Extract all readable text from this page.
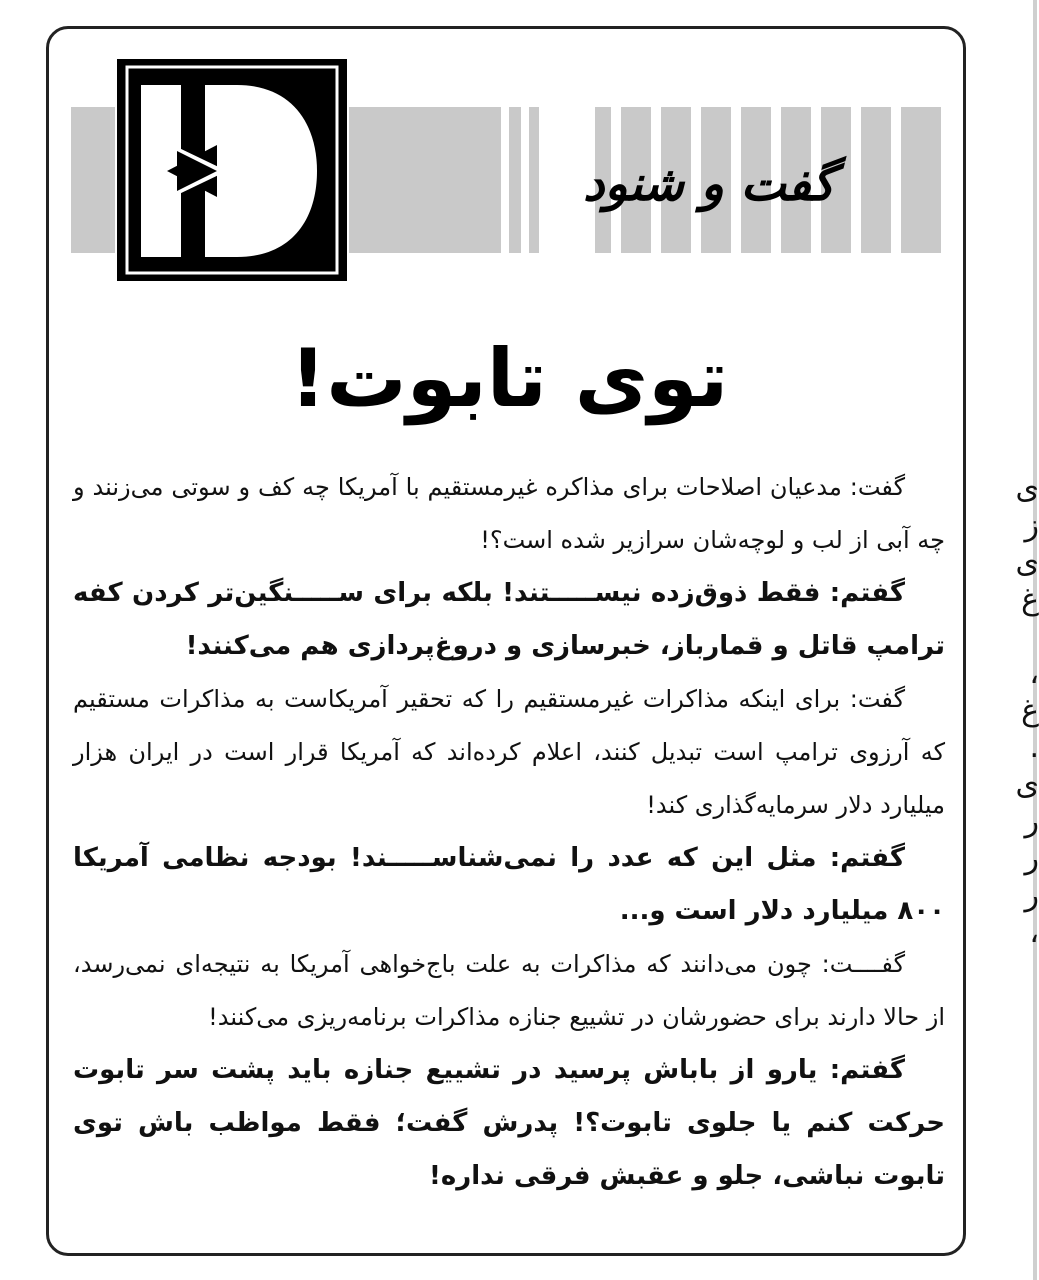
ی
ز
ی
غ

،
غ
.
ی
ر
ر
ر
،
گفت و شنود
توی تابوت!

گفت: مدعیان اصلاحات برای مذاکره غیرمستقیم با آمریکا چه کف و سوتی می‌زنند و چه آبی از لب و لوچه‌شان سرازیر شده است؟!

گفتم: فقط ذوق‌زده نیســـــتند! بلکه برای ســـــنگین‌تر کردن کفه ترامپ قاتل و قمارباز، خبرسازی و دروغ‌پردازی هم می‌کنند!

گفت: برای اینکه مذاکرات غیرمستقیم را که تحقیر آمریکاست به مذاکرات مستقیم که آرزوی ترامپ است تبدیل کنند، اعلام کرده‌اند که آمریکا قرار است در ایران هزار میلیارد دلار سرمایه‌گذاری کند!

گفتم: مثل این که عدد را نمی‌شناســـــند! بودجه نظامی آمریکا ۸۰۰ میلیارد دلار است و...

گفــــت: چون می‌دانند که مذاکرات به علت باج‌خواهی آمریکا به نتیجه‌ای نمی‌رسد، از حالا دارند برای حضورشان در تشییع جنازه مذاکرات برنامه‌ریزی می‌کنند!

گفتم: یارو از باباش پرسید در تشییع جنازه باید پشت سر تابوت حرکت کنم یا جلوی تابوت؟! پدرش گفت؛ فقط مواظب باش توی تابوت نباشی، جلو و عقبش فرقی نداره!
